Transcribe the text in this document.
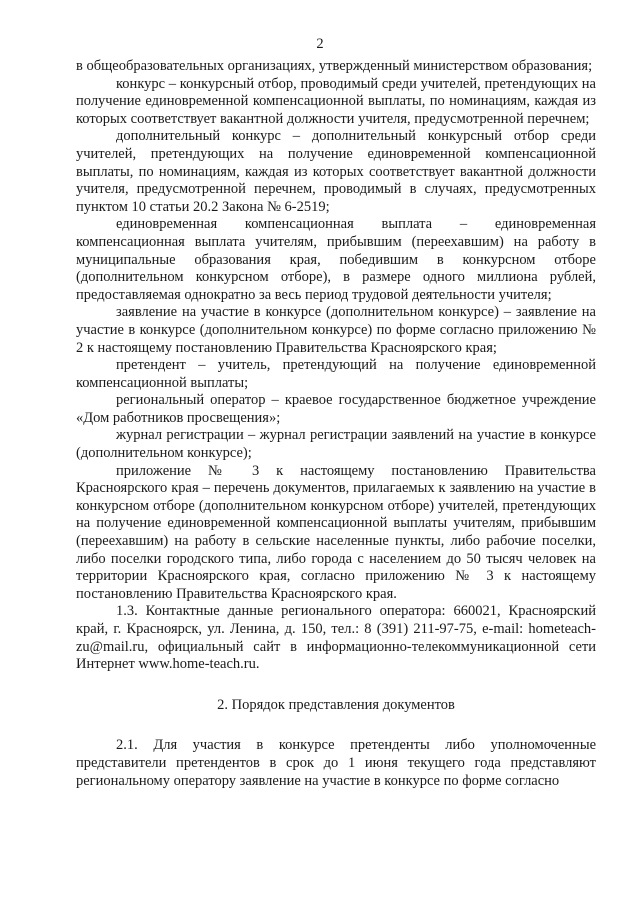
2

в общеобразовательных организациях, утвержденный министерством образования;

конкурс – конкурсный отбор, проводимый среди учителей, претендующих на получение единовременной компенсационной выплаты, по номинациям, каждая из которых соответствует вакантной должности учителя, предусмотренной перечнем;

дополнительный конкурс – дополнительный конкурсный отбор среди учителей, претендующих на получение единовременной компенсационной выплаты, по номинациям, каждая из которых соответствует вакантной должности учителя, предусмотренной перечнем, проводимый в случаях, предусмотренных пунктом 10 статьи 20.2 Закона № 6-2519;

единовременная компенсационная выплата – единовременная компенсационная выплата учителям, прибывшим (переехавшим) на работу в муниципальные образования края, победившим в конкурсном отборе (дополнительном конкурсном отборе), в размере одного миллиона рублей, предоставляемая однократно за весь период трудовой деятельности учителя;

заявление на участие в конкурсе (дополнительном конкурсе) – заявление на участие в конкурсе (дополнительном конкурсе) по форме согласно приложению № 2 к настоящему постановлению Правительства Красноярского края;

претендент – учитель, претендующий на получение единовременной компенсационной выплаты;

региональный оператор – краевое государственное бюджетное учреждение «Дом работников просвещения»;

журнал регистрации – журнал регистрации заявлений на участие в конкурсе (дополнительном конкурсе);

приложение № 3 к настоящему постановлению Правительства Красноярского края – перечень документов, прилагаемых к заявлению на участие в конкурсном отборе (дополнительном конкурсном отборе) учителей, претендующих на получение единовременной компенсационной выплаты учителям, прибывшим (переехавшим) на работу в сельские населенные пункты, либо рабочие поселки, либо поселки городского типа, либо города с населением до 50 тысяч человек на территории Красноярского края, согласно приложению № 3 к настоящему постановлению Правительства Красноярского края.

1.3. Контактные данные регионального оператора: 660021, Красноярский край, г. Красноярск, ул. Ленина, д. 150, тел.: 8 (391) 211-97-75, e-mail: hometeach-zu@mail.ru, официальный сайт в информационно-телекоммуникационной сети Интернет www.home-teach.ru.

2. Порядок представления документов

2.1. Для участия в конкурсе претенденты либо уполномоченные представители претендентов в срок до 1 июня текущего года представляют региональному оператору заявление на участие в конкурсе по форме согласно
